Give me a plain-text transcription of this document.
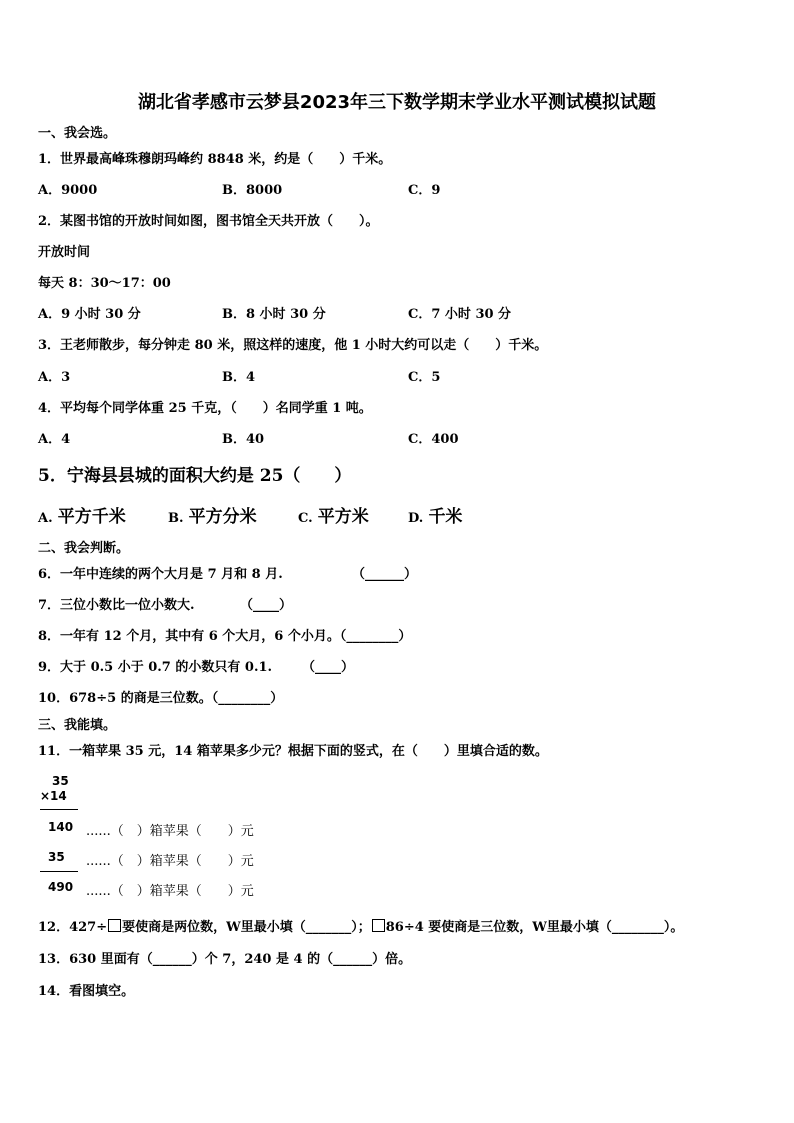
湖北省孝感市云梦县2023年三下数学期末学业水平测试模拟试题
一、我会选。
1．世界最高峰珠穆朗玛峰约 8848 米，约是（　　）千米。
A．9000	B．8000	C．9
2．某图书馆的开放时间如图，图书馆全天共开放（　　）。
开放时间
每天 8：30～17：00
A．9 小时 30 分	B．8 小时 30 分	C．7 小时 30 分
3．王老师散步，每分钟走 80 米，照这样的速度，他 1 小时大约可以走（　　）千米。
A．3	B．4	C．5
4．平均每个同学体重 25 千克，（　　）名同学重 1 吨。
A．4	B．40	C．400
5．宁海县县城的面积大约是 25（　　）
A. 平方千米	B. 平方分米	C. 平方米	D. 千米
二、我会判断。
6．一年中连续的两个大月是 7 月和 8 月.	（______）
7．三位小数比一位小数大.	（____）
8．一年有 12 个月，其中有 6 个大月，6 个小月。（________）
9．大于 0.5 小于 0.7 的小数只有 0.1. （____）
10．678÷5 的商是三位数。（________）
三、我能填。
11．一箱苹果 35 元，14 箱苹果多少元？根据下面的竖式，在（　　）里填合适的数。
35
×14
140 ......（　）箱苹果（　　）元
35 ......（　）箱苹果（　　）元
490 ......（　）箱苹果（　　）元
12．427÷ 要使商是两位数，W里最小填（_______）； 86÷4 要使商是三位数，W里最小填（________）。
13．630 里面有（______）个 7，240 是 4 的（______）倍。
14．看图填空。
